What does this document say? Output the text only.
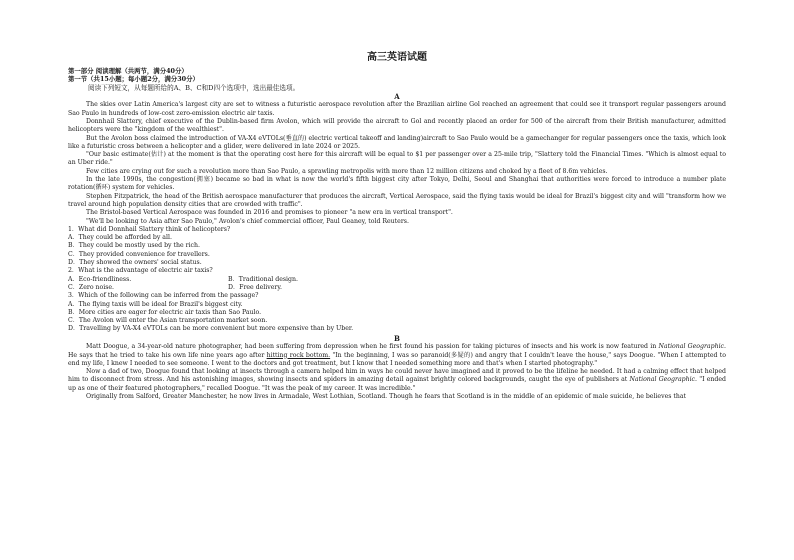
高三英语试题
第一部分 阅读理解（共两节，满分40分）
第一节（共15小题；每小题2分，满分30分）
阅读下列短文，从每题所给的A、B、C和D四个选项中，选出最佳选项。
A

The skies over Latin America's largest city are set to witness a futuristic aerospace revolution after the Brazilian airline Gol reached an agreement that could see it transport regular passengers around Sao Paulo in hundreds of low-cost zero-emission electric air taxis.

Donnhail Slattery, chief executive of the Dublin-based firm Avolon, which will provide the aircraft to Gol and recently placed an order for 500 of the aircraft from their British manufacturer, admitted helicopters were the "kingdom of the wealthiest".

But the Avolon boss claimed the introduction of VA-X4 eVTOLs(垂直的) electric vertical takeoff and landing)aircraft to Sao Paulo would be a gamechanger for regular passengers once the taxis, which look like a futuristic cross between a helicopter and a glider, were delivered in late 2024 or 2025.

"Our basic estimate(估计) at the moment is that the operating cost here for this aircraft will be equal to $1 per passenger over a 25-mile trip, "Slattery told the Financial Times. "Which is almost equal to an Uber ride."

Few cities are crying out for such a revolution more than Sao Paulo, a sprawling metropolis with more than 12 million citizens and choked by a fleet of 8.6m vehicles.

In the late 1990s, the congestion(拥塞) became so bad in what is now the world's fifth biggest city after Tokyo, Delhi, Seoul and Shanghai that authorities were forced to introduce a number plate rotation(循环) system for vehicles.

Stephen Fitzpatrick, the head of the British aerospace manufacturer that produces the aircraft, Vertical Aerospace, said the flying taxis would be ideal for Brazil's biggest city and will "transform how we travel around high population density cities that are crowded with traffic".

The Bristol-based Vertical Aerospace was founded in 2016 and promises to pioneer "a new era in vertical transport".

"We'll be looking to Asia after Sao Paulo," Avolon's chief commercial officer, Paul Geaney, told Reuters.

1．What did Donnhail Slattery think of helicopters?

A．They could be afforded by all.

B．They could be mostly used by the rich.

C．They provided convenience for travellers.

D．They showed the owners' social status.

2．What is the advantage of electric air taxis?

A．Eco-friendliness.	B．Traditional design.
C．Zero noise.	D．Free delivery.

3．Which of the following can be inferred from the passage?

A．The flying taxis will be ideal for Brazil's biggest city.

B．More cities are eager for electric air taxis than Sao Paulo.

C．The Avolon will enter the Asian transportation market soon.

D．Travelling by VA-X4 eVTOLs can be more convenient but more expensive than by Uber.

B

Matt Doogue, a 34-year-old nature photographer, had been suffering from depression when he first found his passion for taking pictures of insects and his work is now featured in National Geographic. He says that he tried to take his own life nine years ago after hitting rock bottom. "In the beginning, I was so paranoid(多疑的) and angry that I couldn't leave the house," says Doogue. "When I attempted to end my life, I knew I needed to see someone. I went to the doctors and got treatment, but I know that I needed something more and that's when I started photography."

Now a dad of two, Doogue found that looking at insects through a camera helped him in ways he could never have imagined and it proved to be the lifeline he needed. It had a calming effect that helped him to disconnect from stress. And his astonishing images, showing insects and spiders in amazing detail against brightly colored backgrounds, caught the eye of publishers at National Geographic. "I ended up as one of their featured photographers," recalled Doogue. "It was the peak of my career. It was incredible."

Originally from Salford, Greater Manchester, he now lives in Armadale, West Lothian, Scotland. Though he fears that Scotland is in the middle of an epidemic of male suicide, he believes that
